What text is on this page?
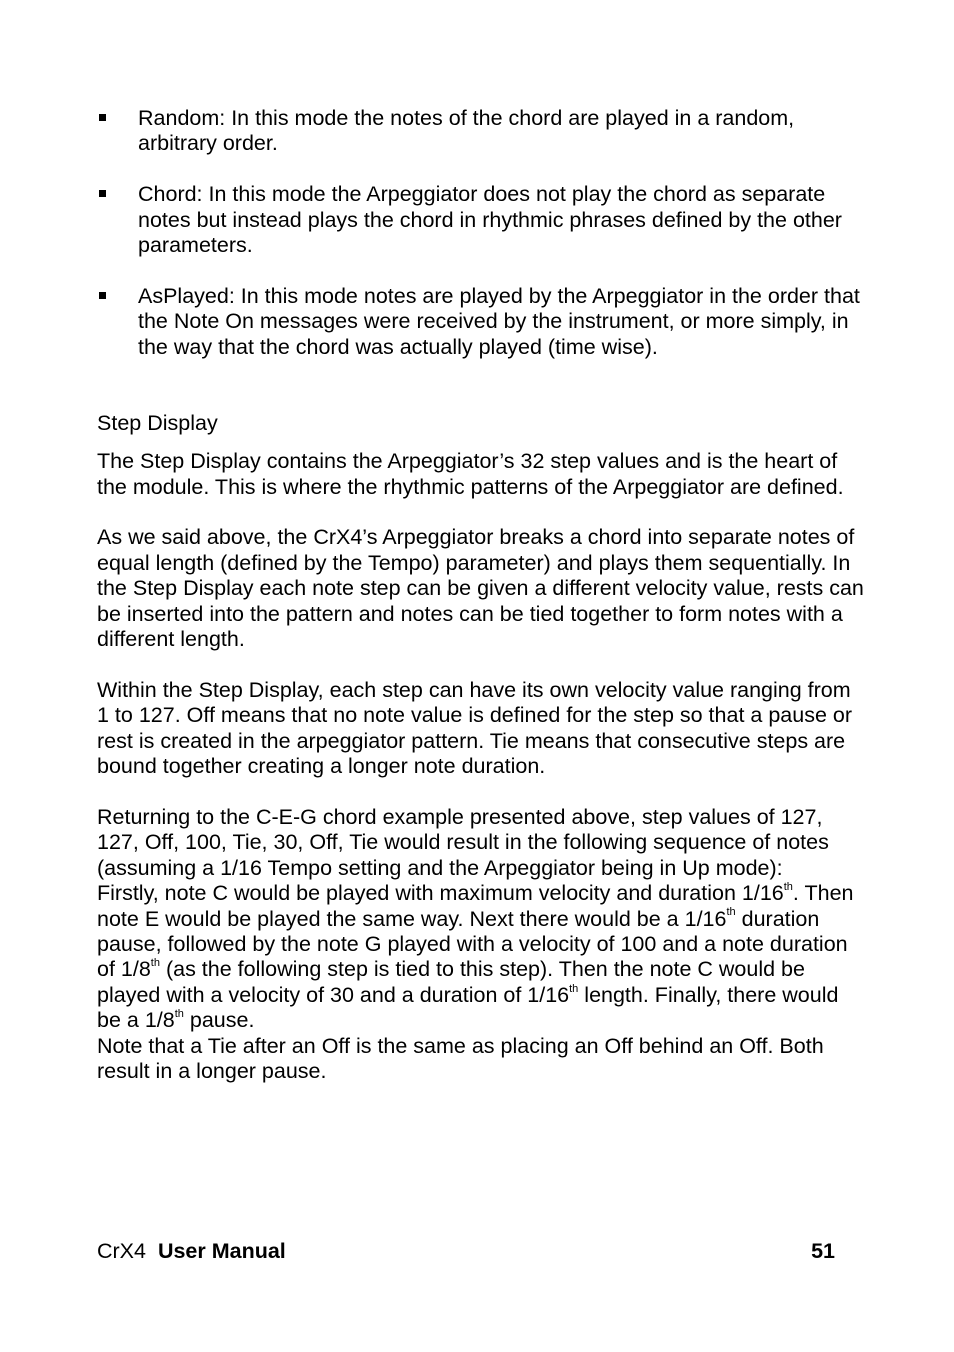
Random: In this mode the notes of the chord are played in a random, arbitrary order.
Chord: In this mode the Arpeggiator does not play the chord as separate notes but instead plays the chord in rhythmic phrases defined by the other parameters.
AsPlayed: In this mode notes are played by the Arpeggiator in the order that the Note On messages were received by the instrument, or more simply, in the way that the chord was actually played (time wise).
Step Display

The Step Display contains the Arpeggiator’s 32 step values and is the heart of the module. This is where the rhythmic patterns of the Arpeggiator are defined.

As we said above, the CrX4’s Arpeggiator breaks a chord into separate notes of equal length (defined by the Tempo) parameter) and plays them sequentially. In the Step Display each note step can be given a different velocity value, rests can be inserted into the pattern and notes can be tied together to form notes with a different length.

Within the Step Display, each step can have its own velocity value ranging from 1 to 127. Off means that no note value is defined for the step so that a pause or rest is created in the arpeggiator pattern. Tie means that consecutive steps are bound together creating a longer note duration.

Returning to the C-E-G chord example presented above, step values of 127, 127, Off, 100, Tie, 30, Off, Tie would result in the following sequence of notes (assuming a 1/16 Tempo setting and the Arpeggiator being in Up mode):
Firstly, note C would be played with maximum velocity and duration 1/16th. Then note E would be played the same way. Next there would be a 1/16th duration pause, followed by the note G played with a velocity of 100 and a note duration of 1/8th (as the following step is tied to this step). Then the note C would be played with a velocity of 30 and a duration of 1/16th length. Finally, there would be a 1/8th pause.
Note that a Tie after an Off is the same as placing an Off behind an Off. Both result in a longer pause.

CrX4 User Manual	51
